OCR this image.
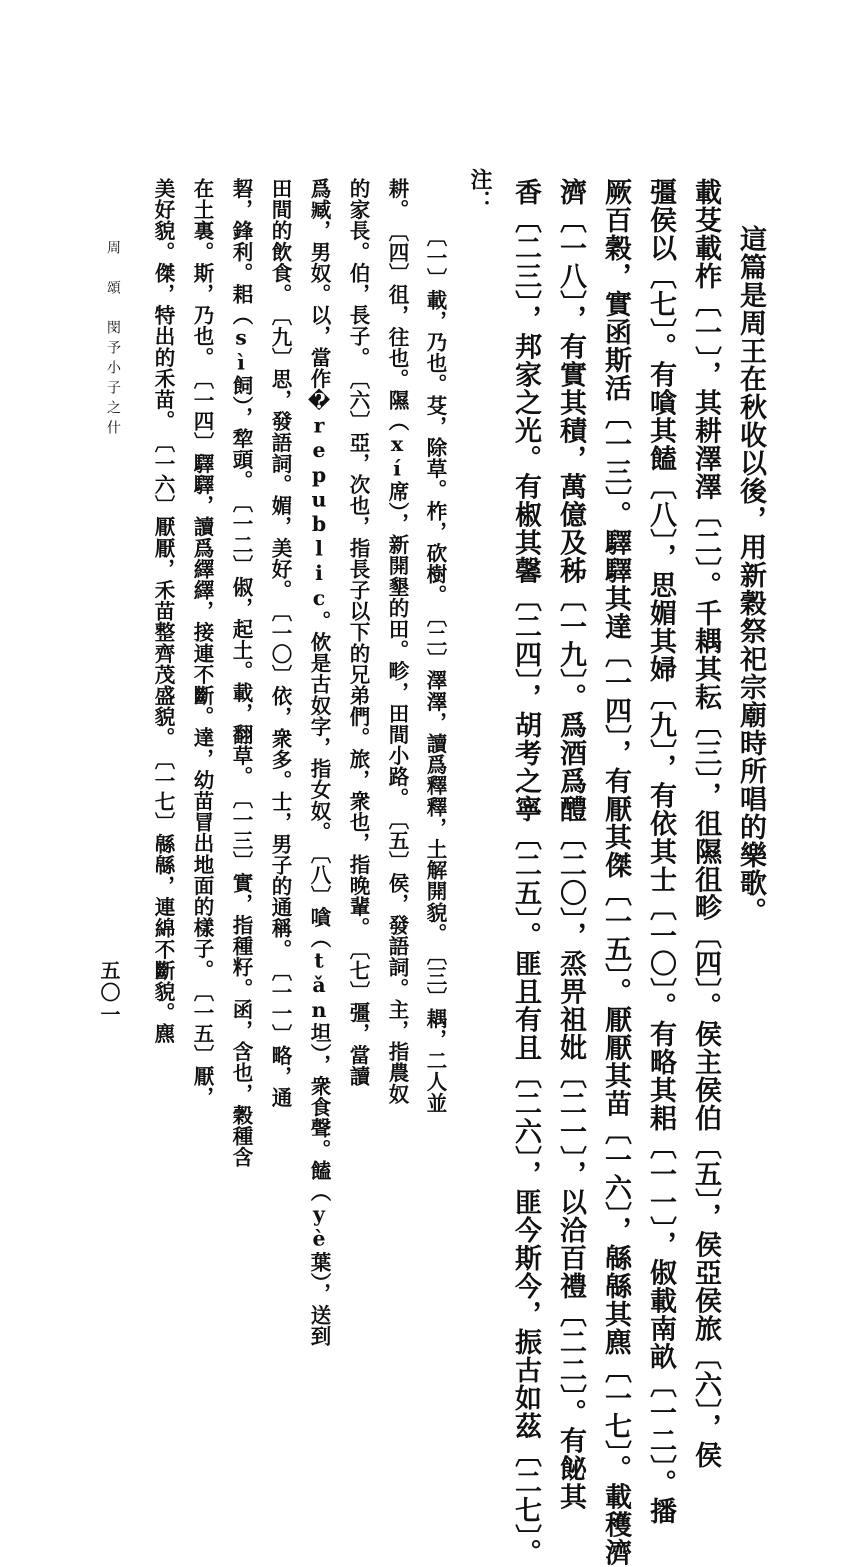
這篇是周王在秋收以後，用新穀祭祀宗廟時所唱的樂歌。
載芟載柞〔一〕，其耕澤澤〔二〕。千耦其耘〔三〕，徂隰徂畛〔四〕。侯主侯伯〔五〕，侯亞侯旅〔六〕，侯
彊侯以〔七〕。有嗿其饁〔八〕，思媚其婦〔九〕，有依其士〔一〇〕。有略其耜〔一一〕，俶載南畝〔一二〕。播
厥百穀，實函斯活〔一三〕。驛驛其達〔一四〕，有厭其傑〔一五〕。厭厭其苗〔一六〕，緜緜其麃〔一七〕。載穫濟
濟〔一八〕，有實其積，萬億及秭〔一九〕。爲酒爲醴〔二〇〕，烝畀祖妣〔二一〕，以洽百禮〔二二〕。有飶其
香〔二三〕，邦家之光。有椒其馨〔二四〕，胡考之寧〔二五〕。匪且有且〔二六〕，匪今斯今，振古如茲〔二七〕。
注：
〔一〕載，乃也。芟，除草。柞，砍樹。　〔二〕澤澤，讀爲釋釋，土解開貌。　〔三〕耦，二人並
耕。　〔四〕徂，往也。隰（xí席），新開墾的田。畛，田間小路。　〔五〕侯，發語詞。主，指農奴
的家長。伯，長子。　〔六〕亞，次也，指長子以下的兄弟們。旅，衆也，指晚輩。　〔七〕彊，當讀
爲臧，男奴。以，當作�republic。佽是古奴字，指女奴。　〔八〕嗿（tǎn坦），衆食聲。饁（yè葉），送到
田間的飲食。　〔九〕思，發語詞。媚，美好。　〔一〇〕依，衆多。士，男子的通稱。　〔一一〕略，通
䂮，鋒利。耜（sì飼），犂頭。　〔一二〕俶，起土。載，翻草。　〔一三〕實，指種籽。函，含也，穀種含
在土裏。斯，乃也。　〔一四〕驛驛，讀爲繹繹，接連不斷。達，幼苗冒出地面的樣子。　〔一五〕厭，
美好貌。傑，特出的禾苗。　〔一六〕厭厭，禾苗整齊茂盛貌。　〔一七〕緜緜，連綿不斷貌。麃
周　頌　閔予小子之什
五〇一
